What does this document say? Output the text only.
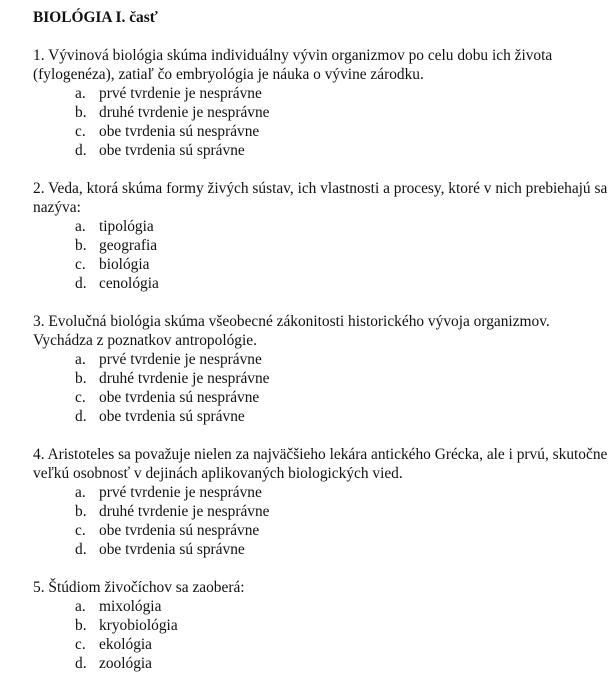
BIOLÓGIA I. časť

1. Vývinová biológia skúma individuálny vývin organizmov po celu dobu ich života (fylogenéza), zatiaľ čo embryológia je náuka o vývine zárodku.

a. prvé tvrdenie je nesprávne
b. druhé tvrdenie je nesprávne
c. obe tvrdenia sú nesprávne
d. obe tvrdenia sú správne

2. Veda, ktorá skúma formy živých sústav, ich vlastnosti a procesy, ktoré v nich prebiehajú sa nazýva:

a. tipológia
b. geografia
c. biológia
d. cenológia

3. Evolučná biológia skúma všeobecné zákonitosti historického vývoja organizmov. Vychádza z poznatkov antropológie.

a. prvé tvrdenie je nesprávne
b. druhé tvrdenie je nesprávne
c. obe tvrdenia sú nesprávne
d. obe tvrdenia sú správne

4. Aristoteles sa považuje nielen za najväčšieho lekára antického Grécka, ale i prvú, skutočne veľkú osobnosť v dejinách aplikovaných biologických vied.

a. prvé tvrdenie je nesprávne
b. druhé tvrdenie je nesprávne
c. obe tvrdenia sú nesprávne
d. obe tvrdenia sú správne

5. Štúdiom živočíchov sa zaoberá:

a. mixológia
b. kryobiológia
c. ekológia
d. zoológia
